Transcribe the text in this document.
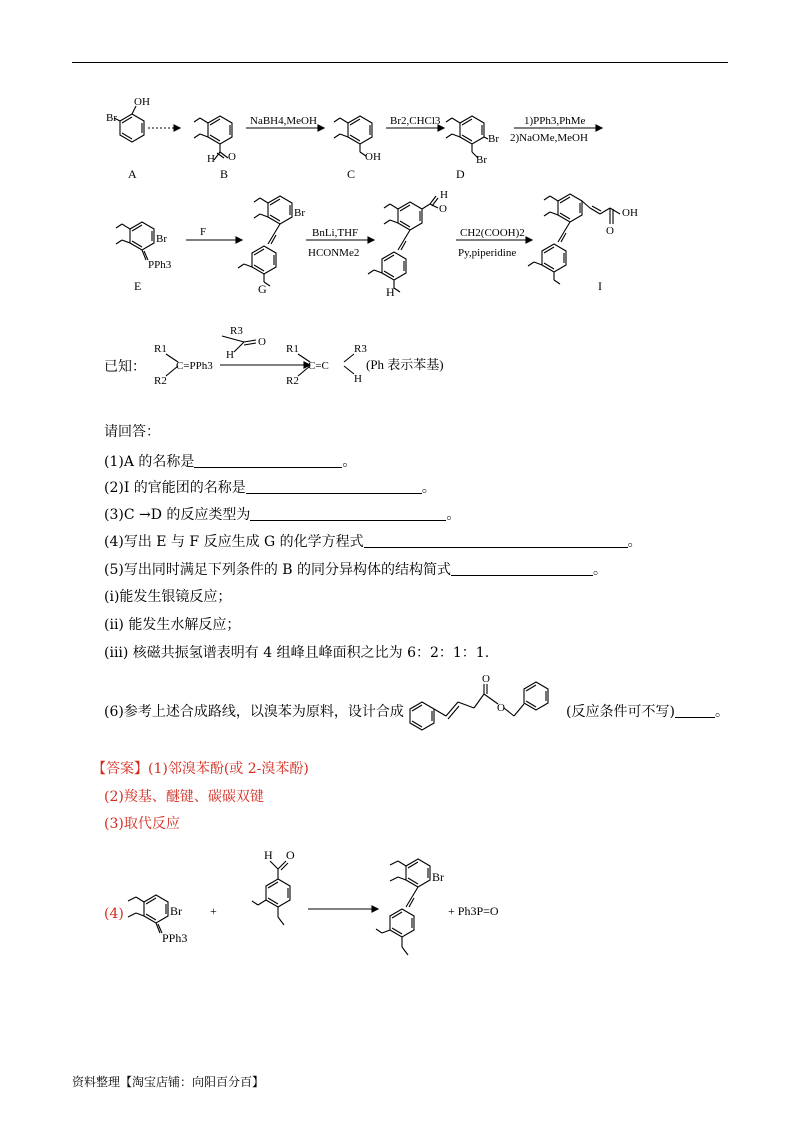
Br
OH
H O	OH
Br
Br
NaBH4,MeOH	Br2,CHCl3	1)PPh3,PhMe
2)NaOMe,MeOH
A	B	C	D
Br
PPh3
Br
H
O	OH
O
F	BnLi,THF
HCONMe2
CH2(COOH)2
Py,piperidine
E	G	H	I
已知：
R1
R2
C=PPh3
R3
O
H	R1
R2
C=C
R3
H
(Ph 表示苯基)
请回答：
(1)A 的名称是	。
(2)I 的官能团的名称是	。
(3)C →D 的反应类型为	。
(4)写出 E 与 F 反应生成 G 的化学方程式	。
(5)写出同时满足下列条件的 B 的同分异构体的结构简式	。
(i)能发生银镜反应；
(ii) 能发生水解反应；
(iii) 核磁共振氢谱表明有 4 组峰且峰面积之比为 6：2：1：1.
(6)参考上述合成路线，以溴苯为原料，设计合成
O
O	(反应条件可不写)	。
【答案】(1)邻溴苯酚(或 2-溴苯酚)
(2)羧基、醚键、碳碳双键
(3)取代反应
(4)	Br
PPh3
+
H O
Br
+ Ph3P=O
资料整理【淘宝店铺：向阳百分百】
